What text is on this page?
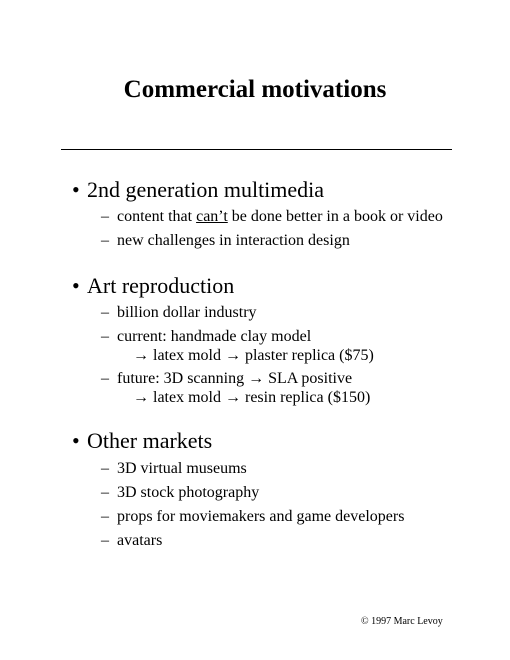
Commercial motivations
• 2nd generation multimedia
– content that can’t be done better in a book or video
– new challenges in interaction design
• Art reproduction
– billion dollar industry
– current: handmade clay model
→ latex mold → plaster replica ($75)
– future: 3D scanning → SLA positive
→ latex mold → resin replica ($150)
• Other markets
– 3D virtual museums
– 3D stock photography
– props for moviemakers and game developers
– avatars
© 1997 Marc Levoy
